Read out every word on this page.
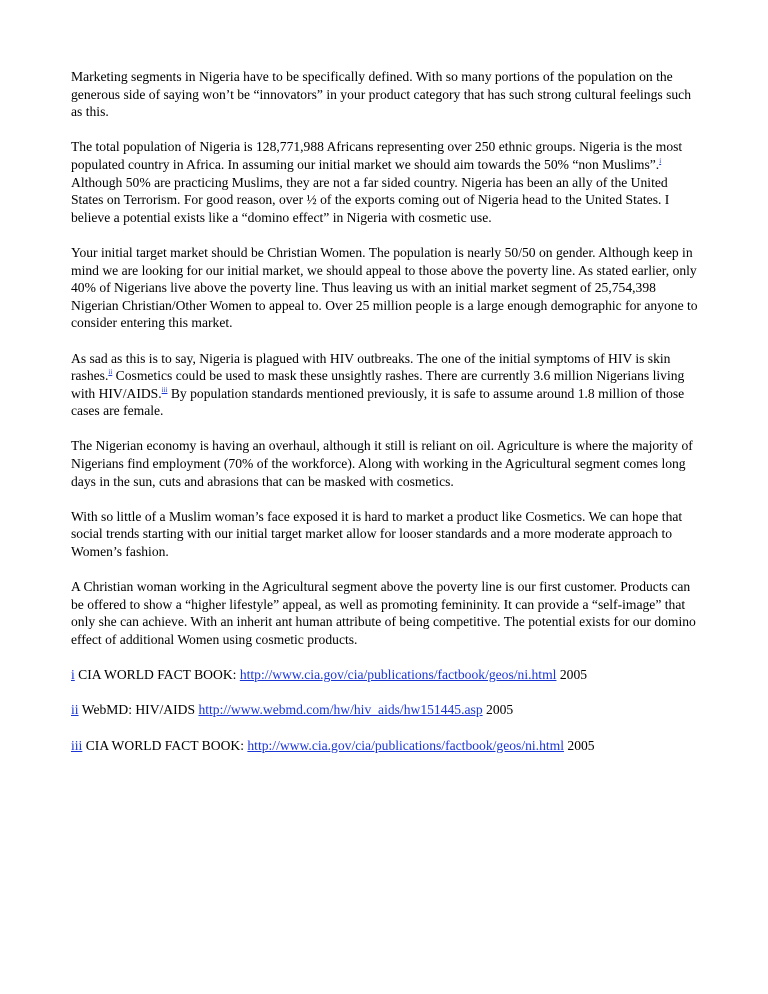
Marketing segments in Nigeria have to be specifically defined. With so many portions of the population on the generous side of saying won’t be “innovators” in your product category that has such strong cultural feelings such as this.

The total population of Nigeria is 128,771,988 Africans representing over 250 ethnic groups. Nigeria is the most populated country in Africa. In assuming our initial market we should aim towards the 50% “non Muslims”.$^i$ Although 50% are practicing Muslims, they are not a far sided country. Nigeria has been an ally of the United States on Terrorism. For good reason, over ½ of the exports coming out of Nigeria head to the United States. I believe a potential exists like a “domino effect” in Nigeria with cosmetic use.

Your initial target market should be Christian Women. The population is nearly 50/50 on gender. Although keep in mind we are looking for our initial market, we should appeal to those above the poverty line. As stated earlier, only 40% of Nigerians live above the poverty line. Thus leaving us with an initial market segment of 25,754,398 Nigerian Christian/Other Women to appeal to. Over 25 million people is a large enough demographic for anyone to consider entering this market.

As sad as this is to say, Nigeria is plagued with HIV outbreaks. The one of the initial symptoms of HIV is skin rashes.$^{ii}$ Cosmetics could be used to mask these unsightly rashes. There are currently 3.6 million Nigerians living with HIV/AIDS.$^{iii}$ By population standards mentioned previously, it is safe to assume around 1.8 million of those cases are female.

The Nigerian economy is having an overhaul, although it still is reliant on oil. Agriculture is where the majority of Nigerians find employment (70% of the workforce). Along with working in the Agricultural segment comes long days in the sun, cuts and abrasions that can be masked with cosmetics.

With so little of a Muslim woman’s face exposed it is hard to market a product like Cosmetics. We can hope that social trends starting with our initial target market allow for looser standards and a more moderate approach to Women’s fashion.

A Christian woman working in the Agricultural segment above the poverty line is our first customer. Products can be offered to show a “higher lifestyle” appeal, as well as promoting femininity. It can provide a “self-image” that only she can achieve. With an inherit ant human attribute of being competitive. The potential exists for our domino effect of additional Women using cosmetic products.

i CIA WORLD FACT BOOK: http://www.cia.gov/cia/publications/factbook/geos/ni.html 2005
ii WebMD: HIV/AIDS http://www.webmd.com/hw/hiv_aids/hw151445.asp 2005
iii CIA WORLD FACT BOOK: http://www.cia.gov/cia/publications/factbook/geos/ni.html 2005
